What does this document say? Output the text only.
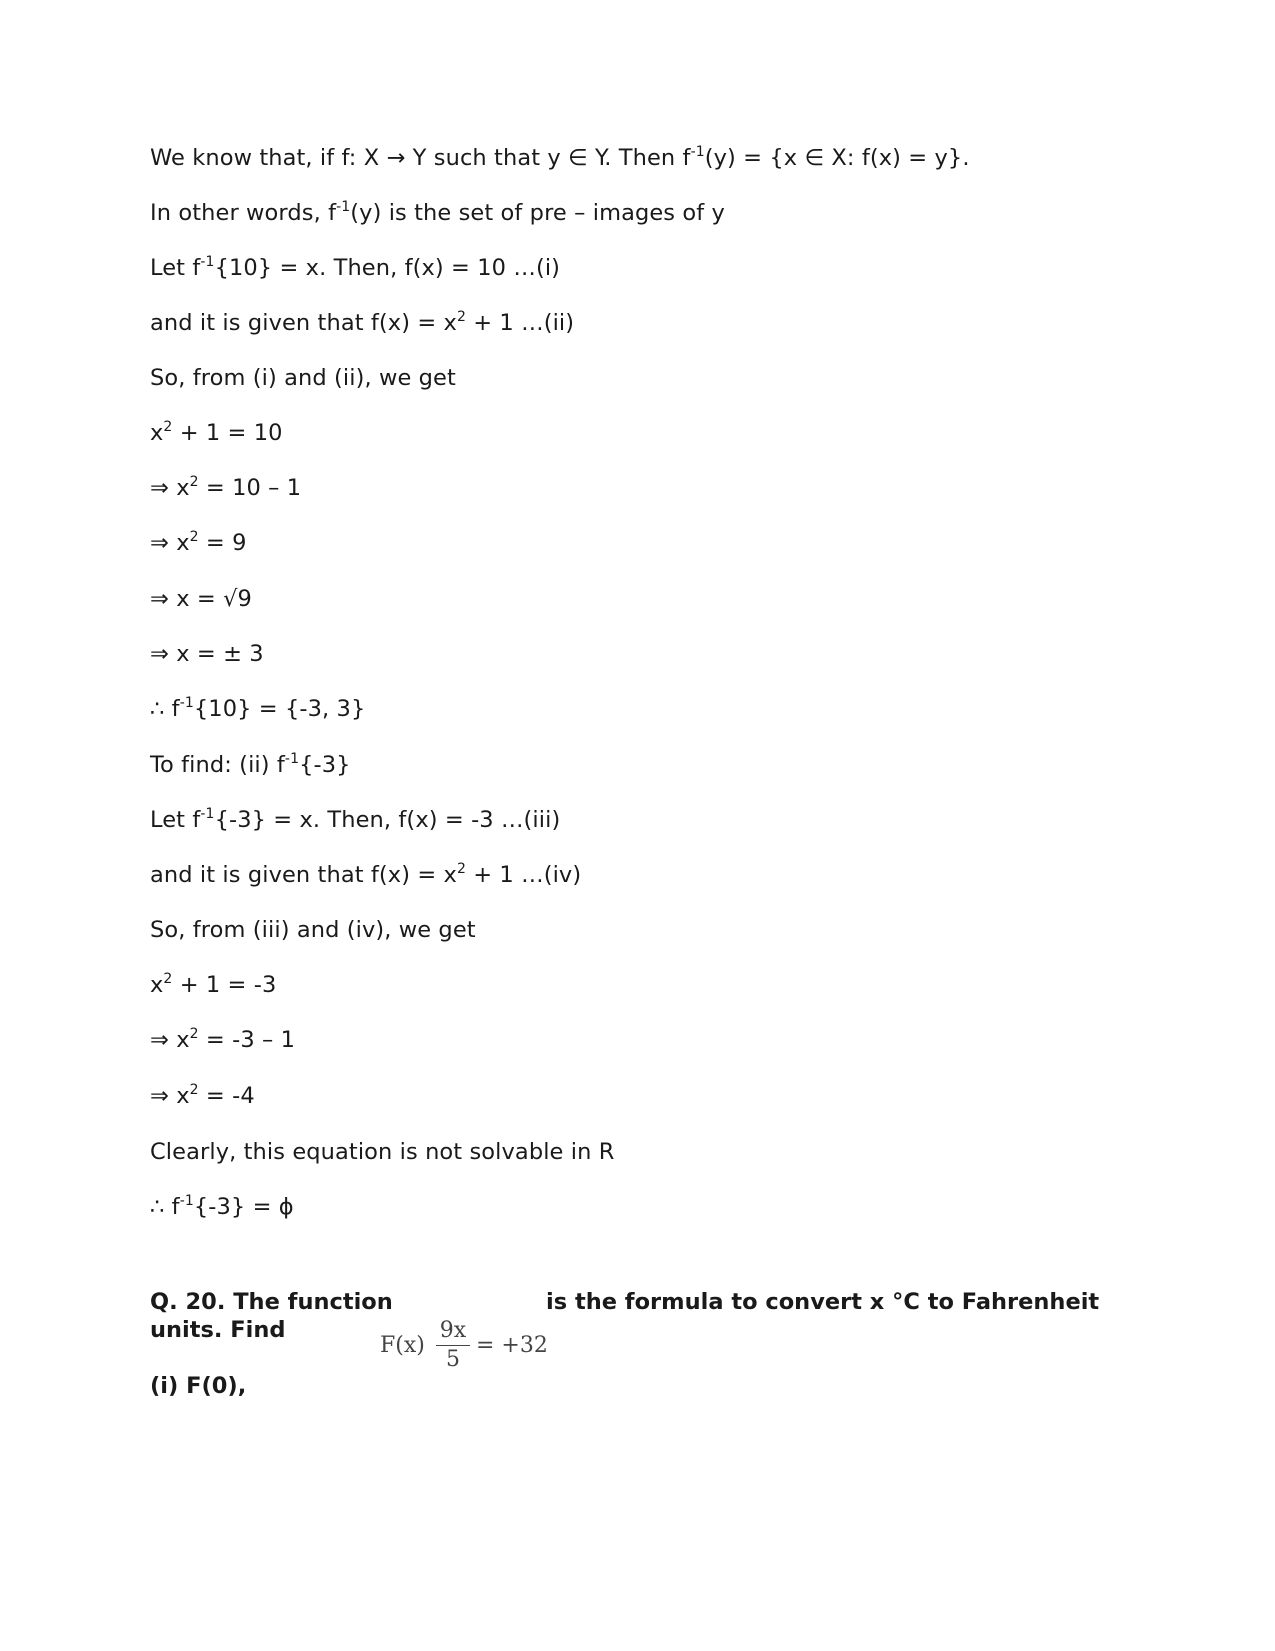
We know that, if f: X → Y such that y ∈ Y. Then $f^{-1}(y) = \{x$ ∈ X: f(x) = y}.
In other words, $f^{-1}(y)$ is the set of pre – images of y
Let $f^{-1}\{10\} = x$. Then, f(x) = 10 …(i)
and it is given that $f(x) = x^2 + 1$ …(ii)
So, from (i) and (ii), we get
$x^2 + 1 = 10$
⇒ $x^2 = 10 - 1$
⇒ $x^2 = 9$
⇒ x = √9
⇒ x = ± 3
∴ $f^{-1}\{10\} = \{-3$, 3}
To find: (ii) $f^{-1}\{-3\}$
Let $f^{-1}\{-3\} = x$. Then, f(x) = -3 …(iii)
and it is given that $f(x) = x^2 + 1$ …(iv)
So, from (iii) and (iv), we get
$x^2 + 1 = -3$
⇒ $x^2 = -3 - 1$
⇒ $x^2 = -4$
Clearly, this equation is not solvable in R
∴ $f^{-1}\{-3\} = \phi$
Q. 20. The function
F(x)
9x
5
= +32
is the formula to convert x °C to Fahrenheit
units. Find
(i) F(0),
